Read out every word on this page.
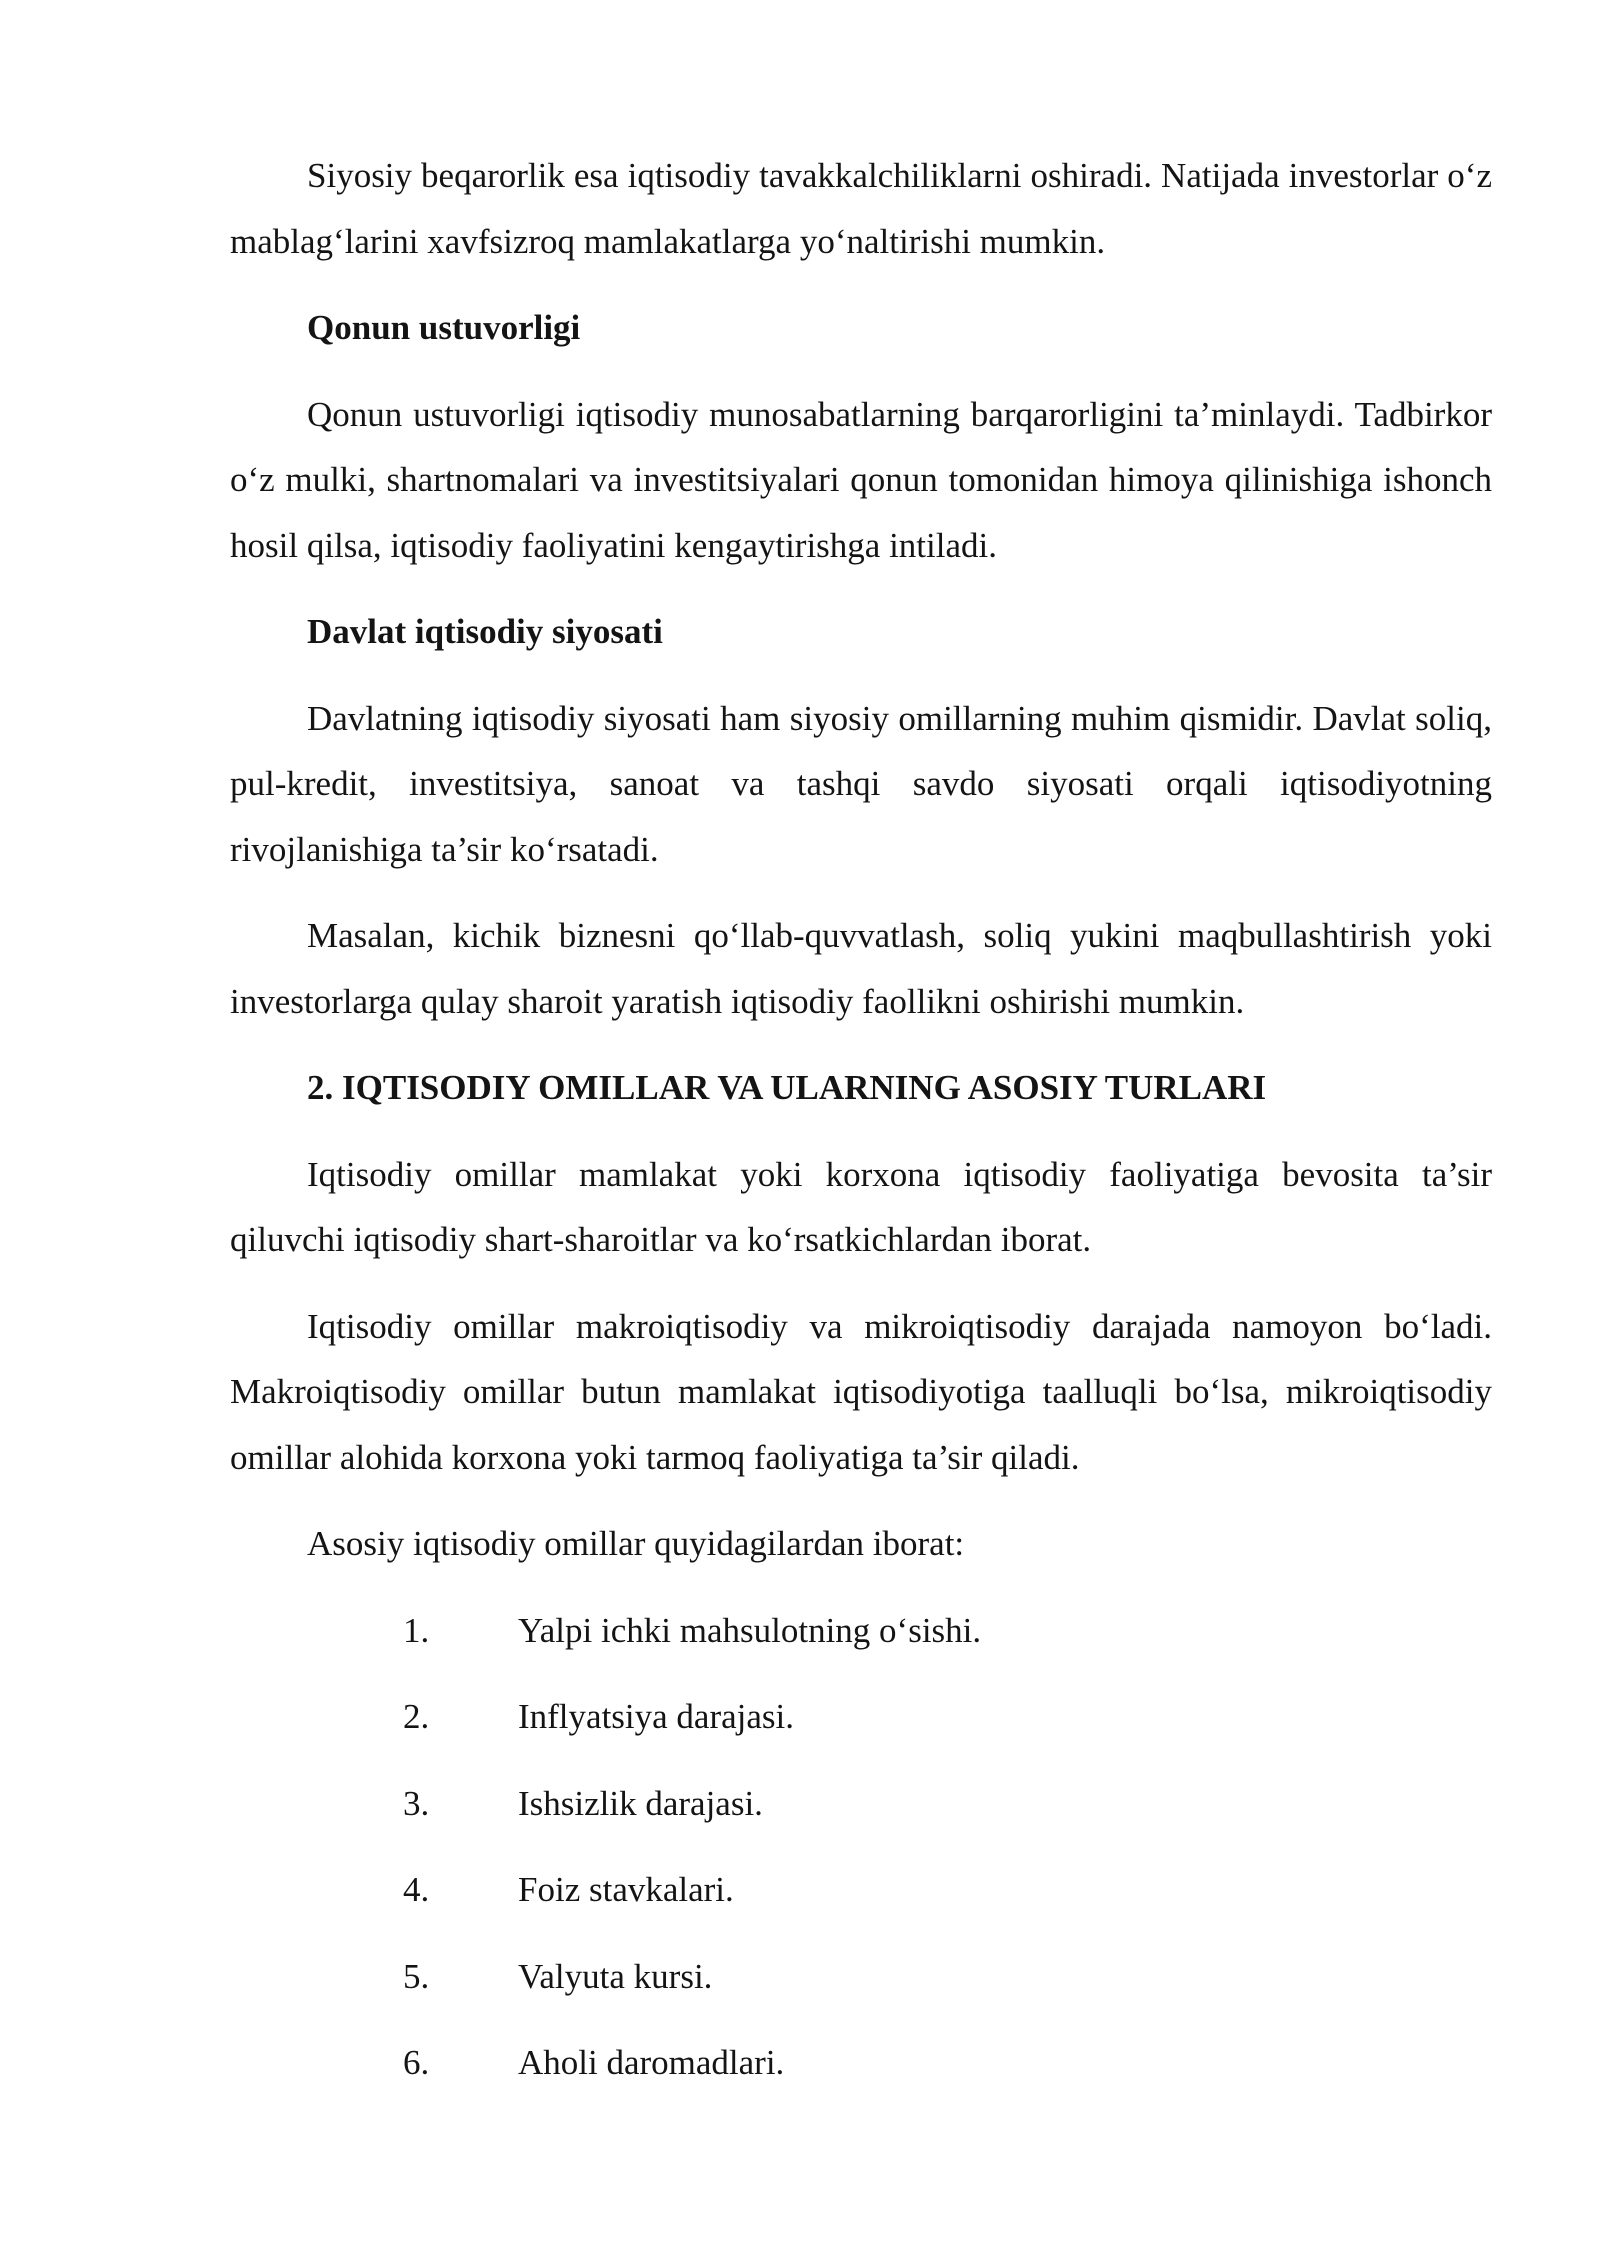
Siyosiy beqarorlik esa iqtisodiy tavakkalchiliklarni oshiradi. Natijada investorlar o‘z mablag‘larini xavfsizroq mamlakatlarga yo‘naltirishi mumkin.

Qonun ustuvorligi

Qonun ustuvorligi iqtisodiy munosabatlarning barqarorligini ta’minlaydi. Tadbirkor o‘z mulki, shartnomalari va investitsiyalari qonun tomonidan himoya qilinishiga ishonch hosil qilsa, iqtisodiy faoliyatini kengaytirishga intiladi.

Davlat iqtisodiy siyosati

Davlatning iqtisodiy siyosati ham siyosiy omillarning muhim qismidir. Davlat soliq, pul-kredit, investitsiya, sanoat va tashqi savdo siyosati orqali iqtisodiyotning rivojlanishiga ta’sir ko‘rsatadi.

Masalan, kichik biznesni qo‘llab-quvvatlash, soliq yukini maqbullashtirish yoki investorlarga qulay sharoit yaratish iqtisodiy faollikni oshirishi mumkin.

2. IQTISODIY OMILLAR VA ULARNING ASOSIY TURLARI

Iqtisodiy omillar mamlakat yoki korxona iqtisodiy faoliyatiga bevosita ta’sir qiluvchi iqtisodiy shart-sharoitlar va ko‘rsatkichlardan iborat.

Iqtisodiy omillar makroiqtisodiy va mikroiqtisodiy darajada namoyon bo‘ladi. Makroiqtisodiy omillar butun mamlakat iqtisodiyotiga taalluqli bo‘lsa, mikroiqtisodiy omillar alohida korxona yoki tarmoq faoliyatiga ta’sir qiladi.

Asosiy iqtisodiy omillar quyidagilardan iborat:

1.	Yalpi ichki mahsulotning o‘sishi.
2.	Inflyatsiya darajasi.
3.	Ishsizlik darajasi.
4.	Foiz stavkalari.
5.	Valyuta kursi.
6.	Aholi daromadlari.
